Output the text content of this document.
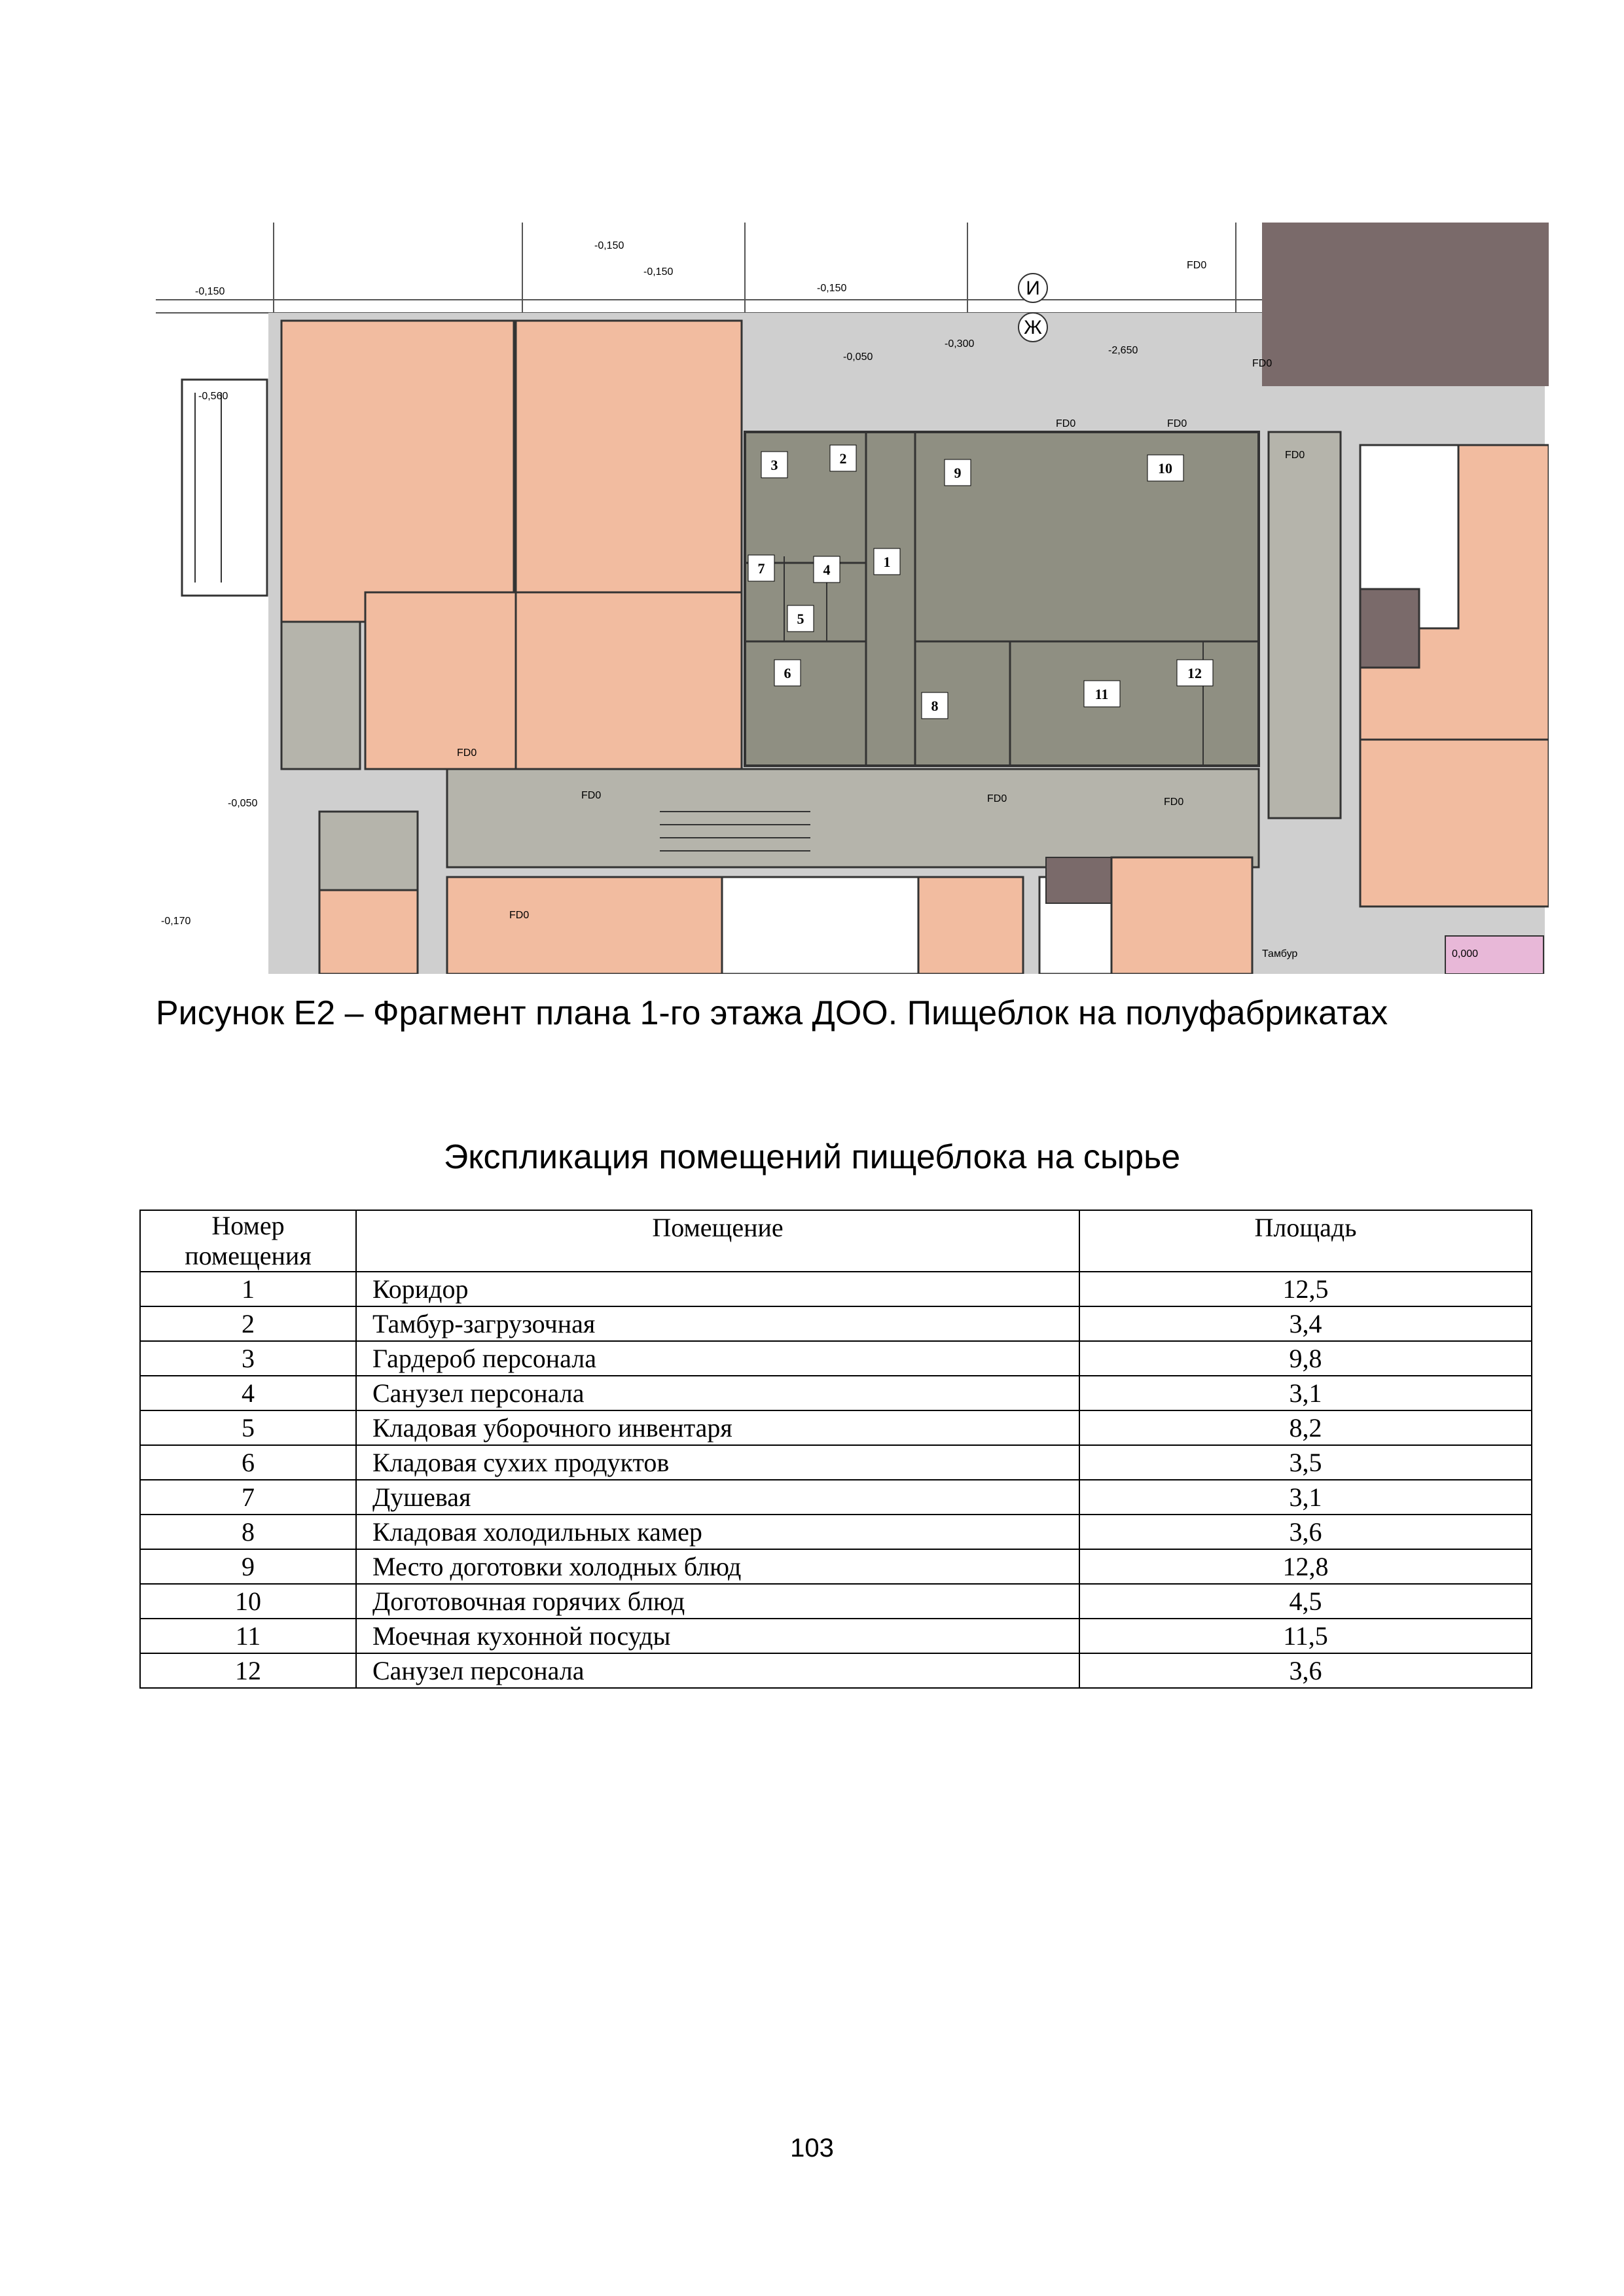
3	2
9	10
1
7	4
5
6
8
11
12
-0,150
-0,150
-0,150
-0,150
-0,050
-0,300
-2,650
-0,560
-0,050
-0,170
0,000
FD0
FD0
FD0	FD0
FD0
FD0
FD0	FD0
FD0
FD0
Тамбур
И
Ж
Рисунок Е2 – Фрагмент плана 1-го этажа ДОО. Пищеблок на полуфабрикатах
Экспликация помещений пищеблока на сырье
Номер помещения	Помещение	Площадь
1	Коридор	12,5
2	Тамбур-загрузочная	3,4
3	Гардероб персонала	9,8
4	Санузел персонала	3,1
5	Кладовая уборочного инвентаря	8,2
6	Кладовая сухих продуктов	3,5
7	Душевая	3,1
8	Кладовая холодильных камер	3,6
9	Место доготовки холодных блюд	12,8
10	Доготовочная горячих блюд	4,5
11	Моечная кухонной посуды	11,5
12	Санузел персонала	3,6
103
